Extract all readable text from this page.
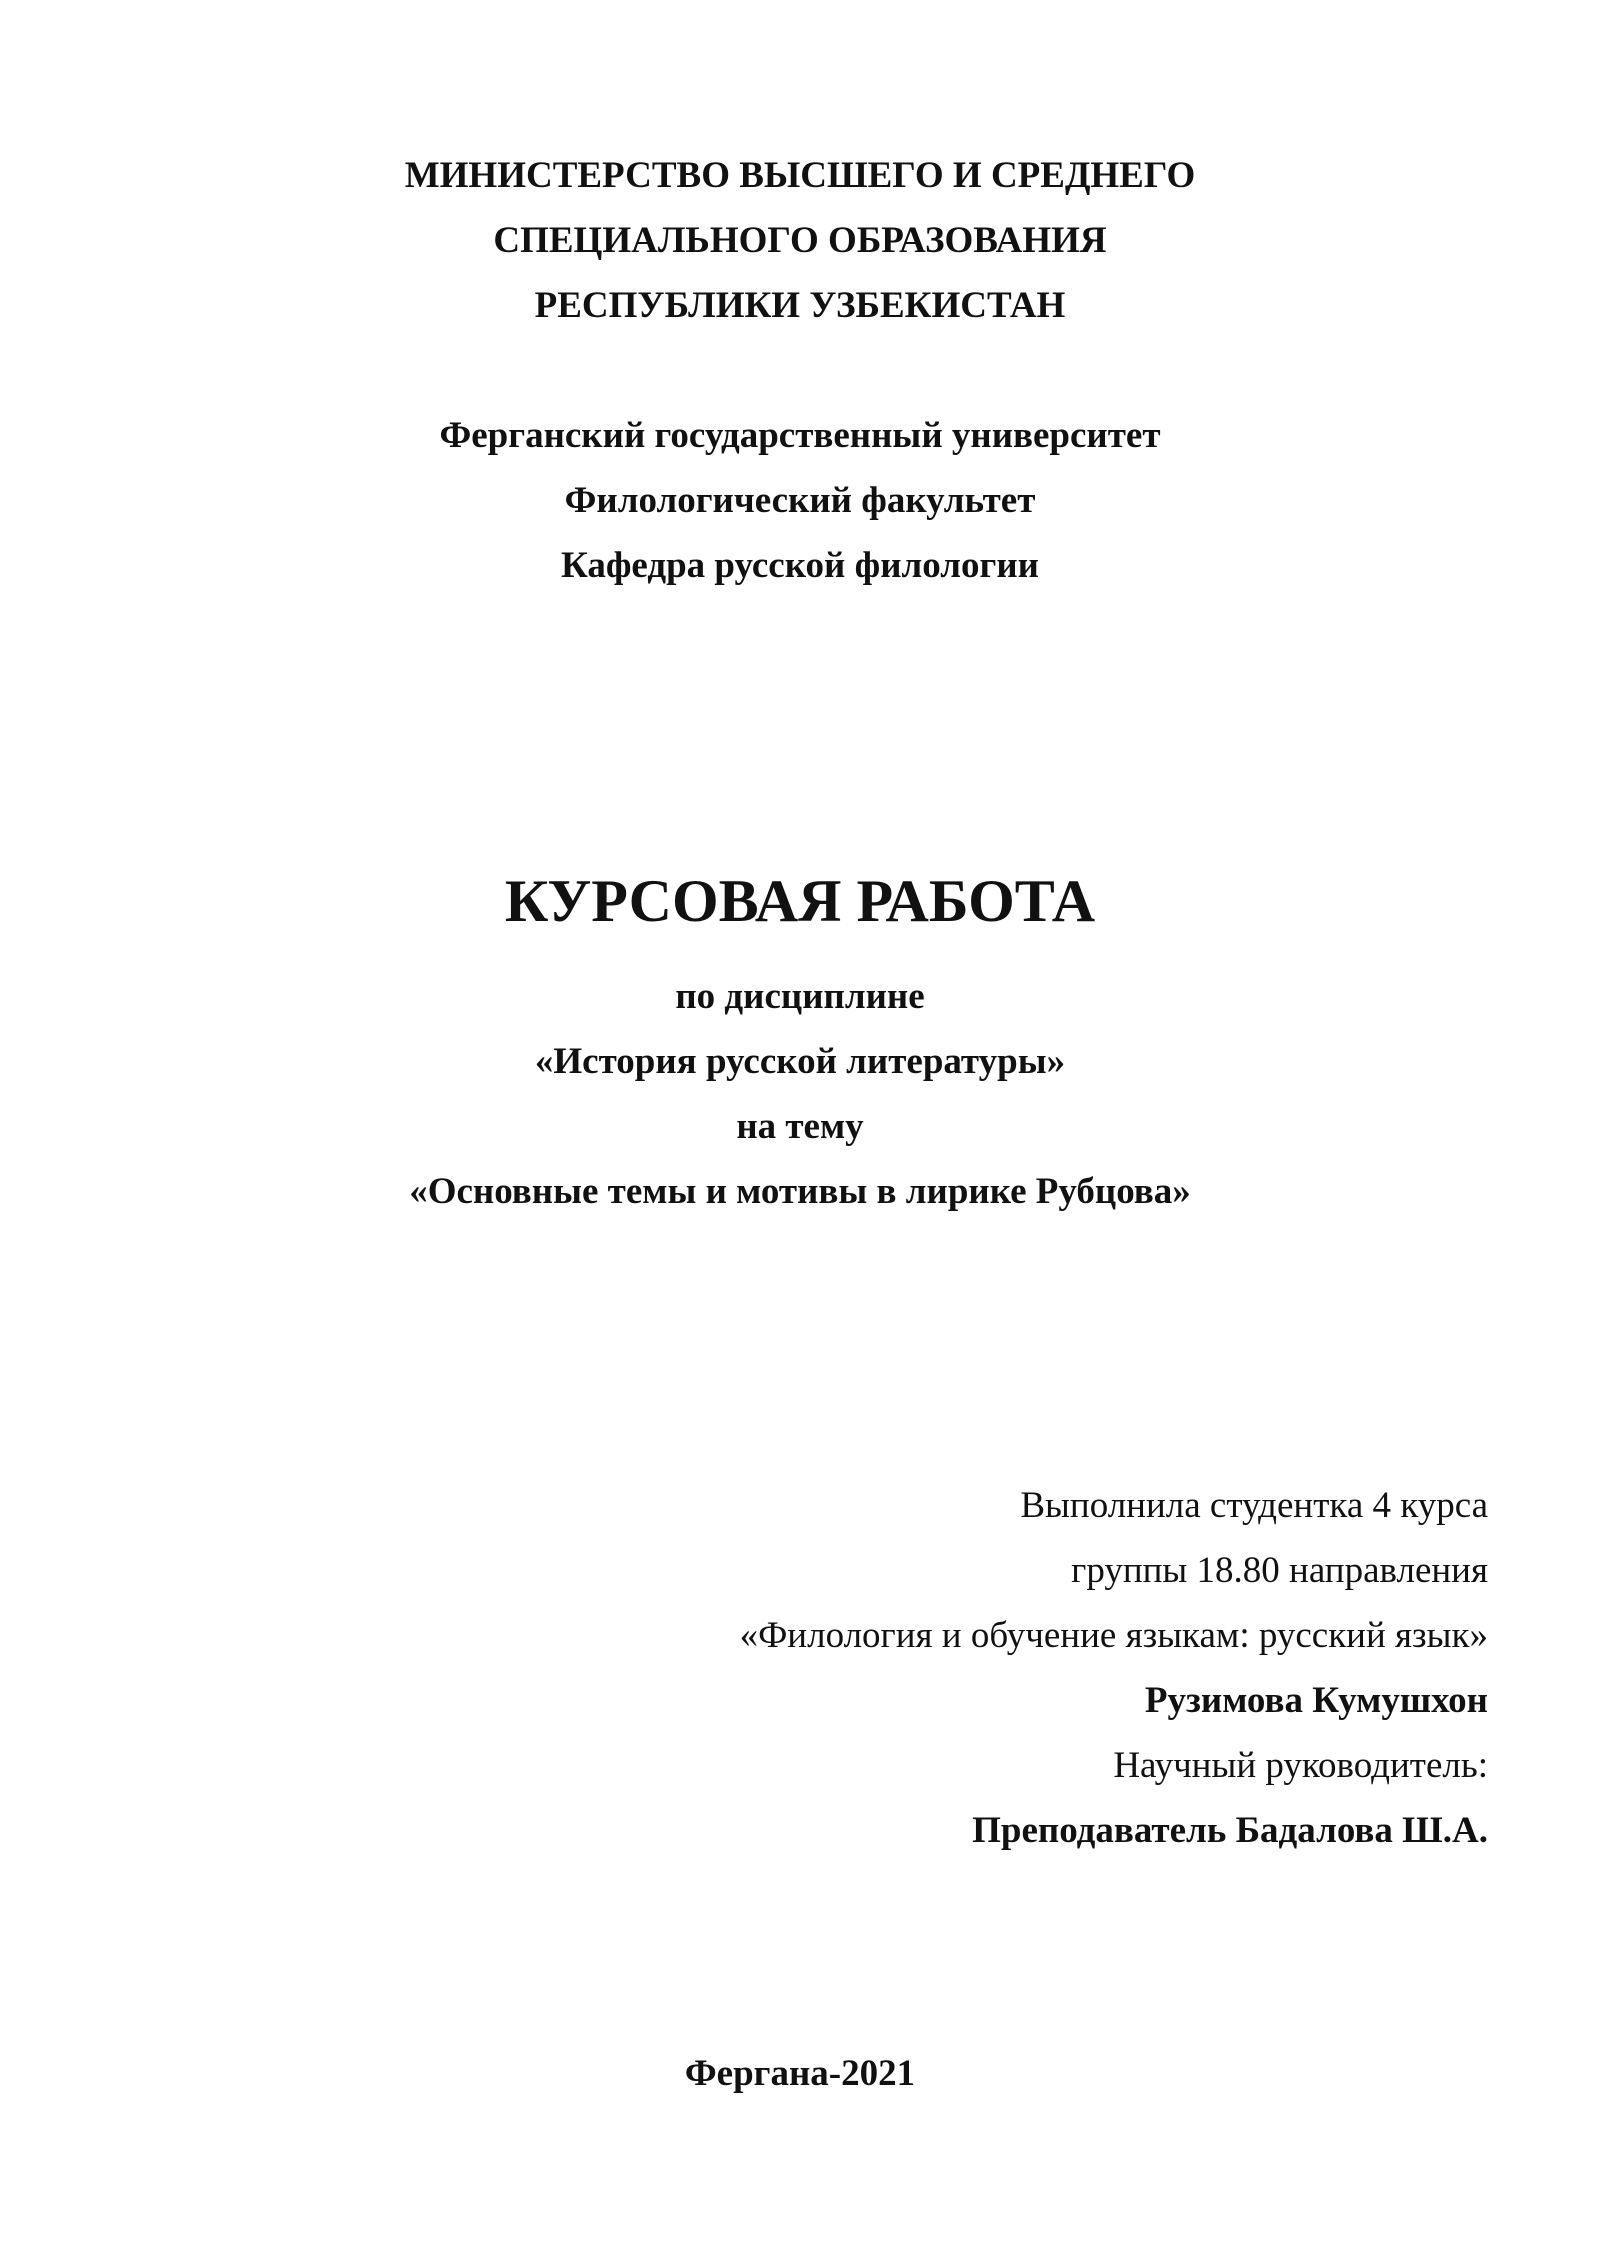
МИНИСТЕРСТВО ВЫСШЕГО И СРЕДНЕГО
СПЕЦИАЛЬНОГО ОБРАЗОВАНИЯ
РЕСПУБЛИКИ УЗБЕКИСТАН
Ферганский государственный университет
Филологический факультет
Кафедра русской филологии
КУРСОВАЯ РАБОТА
по дисциплине
«История русской литературы»
на тему
«Основные темы и мотивы в лирике Рубцова»
Выполнила студентка 4 курса
группы 18.80 направления
«Филология и обучение языкам: русский язык»
Рузимова Кумушхон
Научный руководитель:
Преподаватель Бадалова Ш.А.
Фергана-2021
